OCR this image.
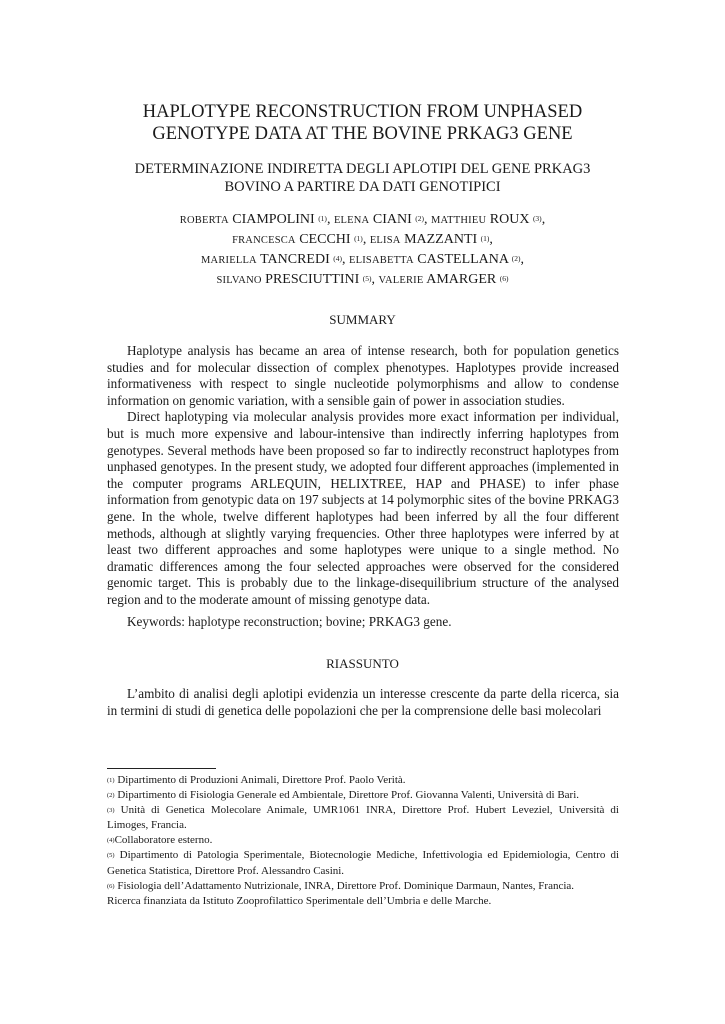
HAPLOTYPE RECONSTRUCTION FROM UNPHASED
GENOTYPE DATA AT THE BOVINE PRKAG3 GENE
DETERMINAZIONE INDIRETTA DEGLI APLOTIPI DEL GENE PRKAG3
BOVINO A PARTIRE DA DATI GENOTIPICI
ROBERTA CIAMPOLINI $^{(1)}$, ELENA CIANI $^{(2)}$, MATTHIEU ROUX $^{(3)}$,
FRANCESCA CECCHI $^{(1)}$, ELISA MAZZANTI $^{(1)}$,
MARIELLA TANCREDI $^{(4)}$, ELISABETTA CASTELLANA $^{(2)}$,
SILVANO PRESCIUTTINI $^{(5)}$, VALERIE AMARGER $^{(6)}$
SUMMARY

Haplotype analysis has became an area of intense research, both for population genetics studies and for molecular dissection of complex phenotypes. Haplotypes provide increased informativeness with respect to single nucleotide polymorphisms and allow to condense information on genomic variation, with a sensible gain of power in association studies.

Direct haplotyping via molecular analysis provides more exact information per individual, but is much more expensive and labour-intensive than indirectly inferring haplotypes from genotypes. Several methods have been proposed so far to indirectly reconstruct haplotypes from unphased genotypes. In the present study, we adopted four different approaches (implemented in the computer programs ARLEQUIN, HELIXTREE, HAP and PHASE) to infer phase information from genotypic data on 197 subjects at 14 polymorphic sites of the bovine PRKAG3 gene. In the whole, twelve different haplotypes had been inferred by all the four different methods, although at slightly varying frequencies. Other three haplotypes were inferred by at least two different approaches and some haplotypes were unique to a single method. No dramatic differences among the four selected approaches were observed for the considered genomic target. This is probably due to the linkage-disequilibrium structure of the analysed region and to the moderate amount of missing genotype data.

Keywords: haplotype reconstruction; bovine; PRKAG3 gene.
RIASSUNTO

L’ambito di analisi degli aplotipi evidenzia un interesse crescente da parte della ricerca, sia in termini di studi di genetica delle popolazioni che per la comprensione delle basi molecolari

$^{(1)}$ Dipartimento di Produzioni Animali, Direttore Prof. Paolo Verità.

$^{(2)}$ Dipartimento di Fisiologia Generale ed Ambientale, Direttore Prof. Giovanna Valenti, Università di Bari.

$^{(3)}$ Unità di Genetica Molecolare Animale, UMR1061 INRA, Direttore Prof. Hubert Leveziel, Università di Limoges, Francia.

$^{(4)}$Collaboratore esterno.

$^{(5)}$ Dipartimento di Patologia Sperimentale, Biotecnologie Mediche, Infettivologia ed Epidemiologia, Centro di Genetica Statistica, Direttore Prof. Alessandro Casini.

$^{(6)}$ Fisiologia dell’Adattamento Nutrizionale, INRA, Direttore Prof. Dominique Darmaun, Nantes, Francia.

Ricerca finanziata da Istituto Zooprofilattico Sperimentale dell’Umbria e delle Marche.
